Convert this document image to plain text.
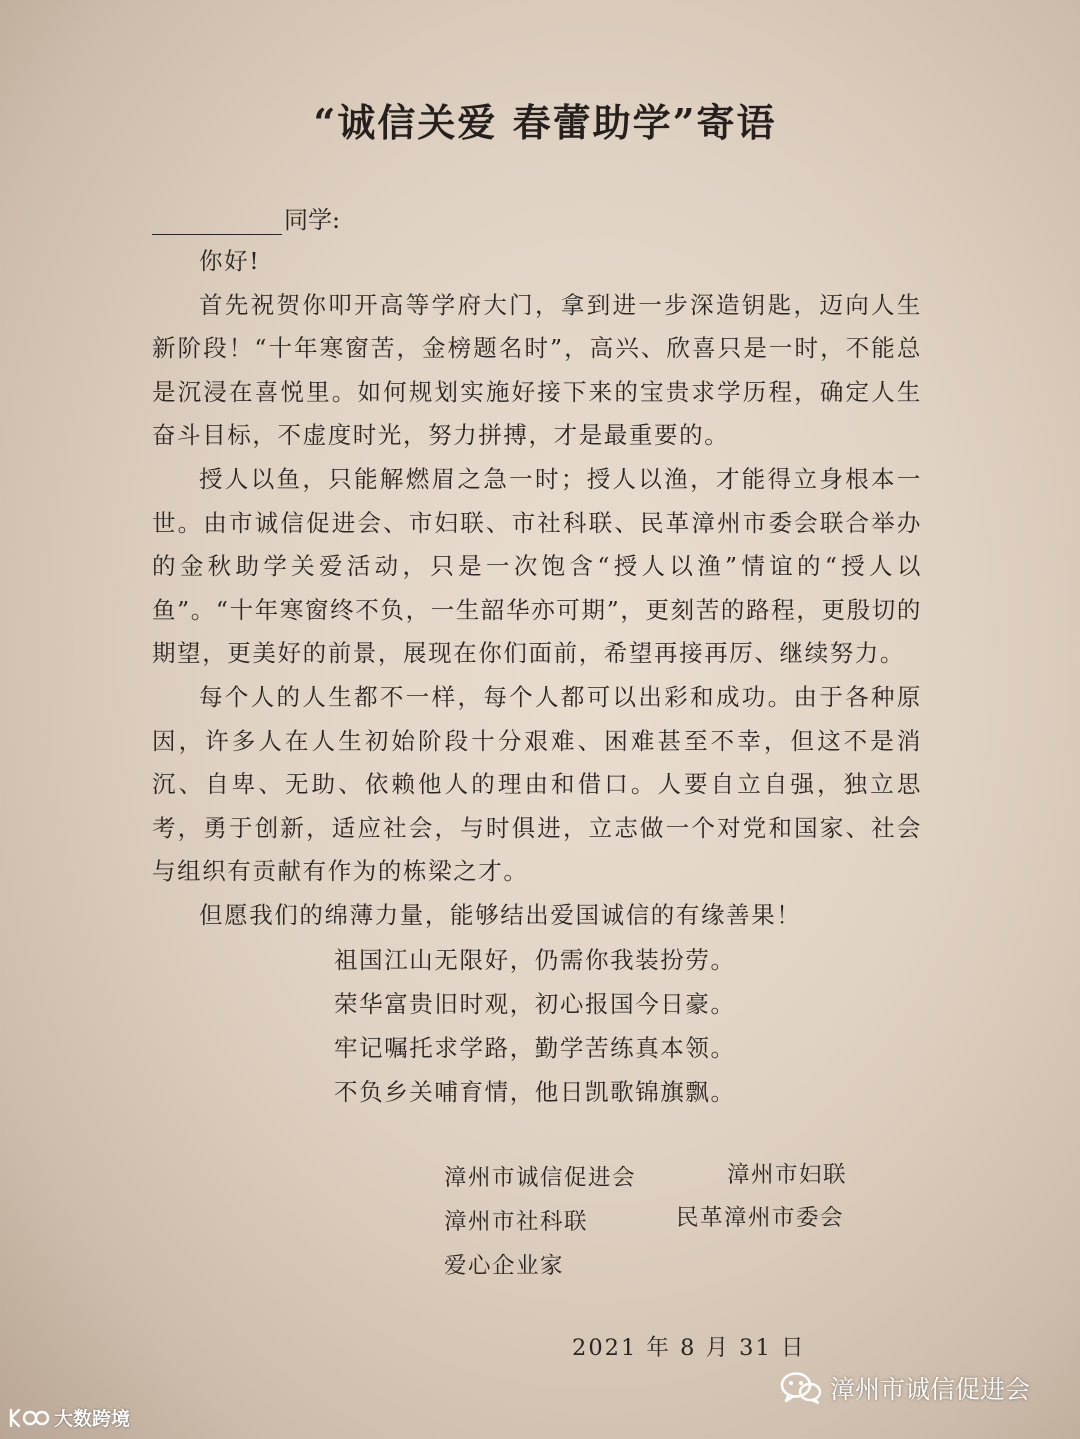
“诚信关爱 春蕾助学”寄语
同学:

你好!

首先祝贺你叩开高等学府大门，拿到进一步深造钥匙，迈向人生新阶段！“十年寒窗苦，金榜题名时”，高兴、欣喜只是一时，不能总是沉浸在喜悦里。如何规划实施好接下来的宝贵求学历程，确定人生奋斗目标，不虚度时光，努力拼搏，才是最重要的。

授人以鱼，只能解燃眉之急一时；授人以渔，才能得立身根本一世。由市诚信促进会、市妇联、市社科联、民革漳州市委会联合举办的金秋助学关爱活动，只是一次饱含“授人以渔”情谊的“授人以鱼”。“十年寒窗终不负，一生韶华亦可期”，更刻苦的路程，更殷切的期望，更美好的前景，展现在你们面前，希望再接再厉、继续努力。

每个人的人生都不一样，每个人都可以出彩和成功。由于各种原因，许多人在人生初始阶段十分艰难、困难甚至不幸，但这不是消沉、自卑、无助、依赖他人的理由和借口。人要自立自强，独立思考，勇于创新，适应社会，与时俱进，立志做一个对党和国家、社会与组织有贡献有作为的栋梁之才。

但愿我们的绵薄力量，能够结出爱国诚信的有缘善果！

祖国江山无限好，仍需你我装扮劳。
荣华富贵旧时观，初心报国今日豪。
牢记嘱托求学路，勤学苦练真本领。
不负乡关哺育情，他日凯歌锦旗飘。
漳州市诚信促进会	漳州市妇联
漳州市社科联	民革漳州市委会
爱心企业家
2021 年 8 月 31 日
漳州市诚信促进会
大数跨境
